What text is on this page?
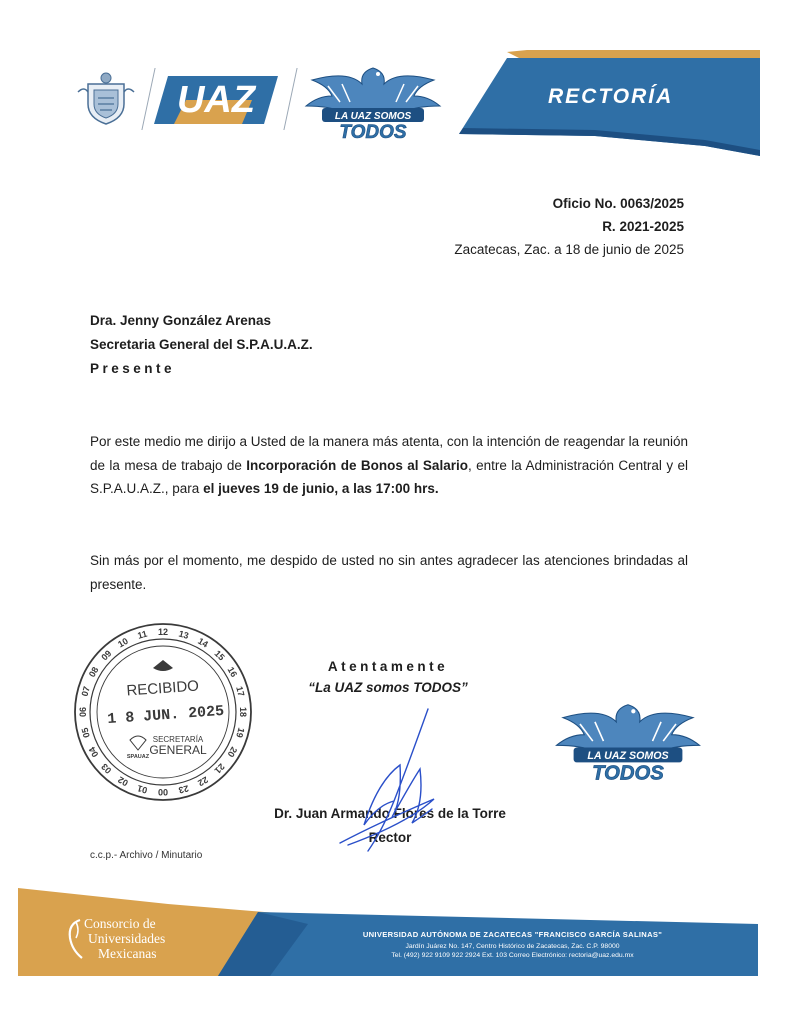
UAZ	LA UAZ SOMOS
TODOS
RECTORÍA
Oficio No. 0063/2025
R. 2021-2025
Zacatecas, Zac. a 18 de junio de 2025
Dra. Jenny González Arenas
Secretaria General del S.P.A.U.A.Z.
Presente

Por este medio me dirijo a Usted de la manera más atenta, con la intención de reagendar la reunión de la mesa de trabajo de Incorporación de Bonos al Salario, entre la Administración Central y el S.P.A.U.A.Z., para el jueves 19 de junio, a las 17:00 hrs.

Sin más por el momento, me despido de usted no sin antes agradecer las atenciones brindadas al presente.

01
02
03
04
05
06
07
08
09
10
11 12 13
14
15
16
17
18
19
20
21
22
23
00
RECIBIDO
1 8 JUN. 2025
SECRETARÍA
GENERAL
SPAUAZ
Atentamente
“La UAZ somos TODOS”
Dr. Juan Armando Flores de la Torre
Rector
c.c.p.- Archivo / Minutario
LA UAZ SOMOS
TODOS
Consorcio de
Universidades
Mexicanas
UNIVERSIDAD AUTÓNOMA DE ZACATECAS "FRANCISCO GARCÍA SALINAS"
Jardín Juárez No. 147, Centro Histórico de Zacatecas, Zac. C.P. 98000
Tel. (492) 922 9109 922 2924 Ext. 103 Correo Electrónico: rectoria@uaz.edu.mx
